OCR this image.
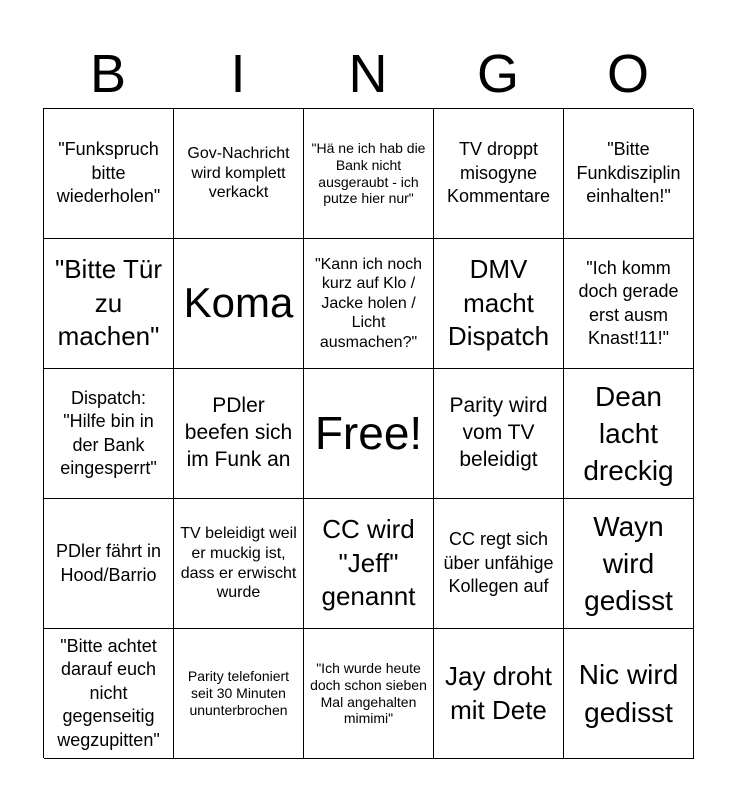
B	I	N	G	O
"Funkspruch bitte wiederholen"
Gov-Nachricht wird komplett verkackt
"Hä ne ich hab die Bank nicht ausgeraubt - ich putze hier nur"
TV droppt misogyne Kommentare
"Bitte Funkdisziplin einhalten!"
"Bitte Tür zu machen"
Koma
"Kann ich noch kurz auf Klo / Jacke holen / Licht ausmachen?"
DMV macht Dispatch
"Ich komm doch gerade erst ausm Knast!11!"
Dispatch: "Hilfe bin in der Bank eingesperrt"
PDler beefen sich im Funk an
Free!
Parity wird vom TV beleidigt
Dean lacht dreckig
PDler fährt in Hood/Barrio
TV beleidigt weil er muckig ist, dass er erwischt wurde
CC wird "Jeff" genannt
CC regt sich über unfähige Kollegen auf
Wayn wird gedisst
"Bitte achtet darauf euch nicht gegenseitig wegzupitten"
Parity telefoniert seit 30 Minuten ununterbrochen
"Ich wurde heute doch schon sieben Mal angehalten mimimi"
Jay droht mit Dete
Nic wird gedisst
